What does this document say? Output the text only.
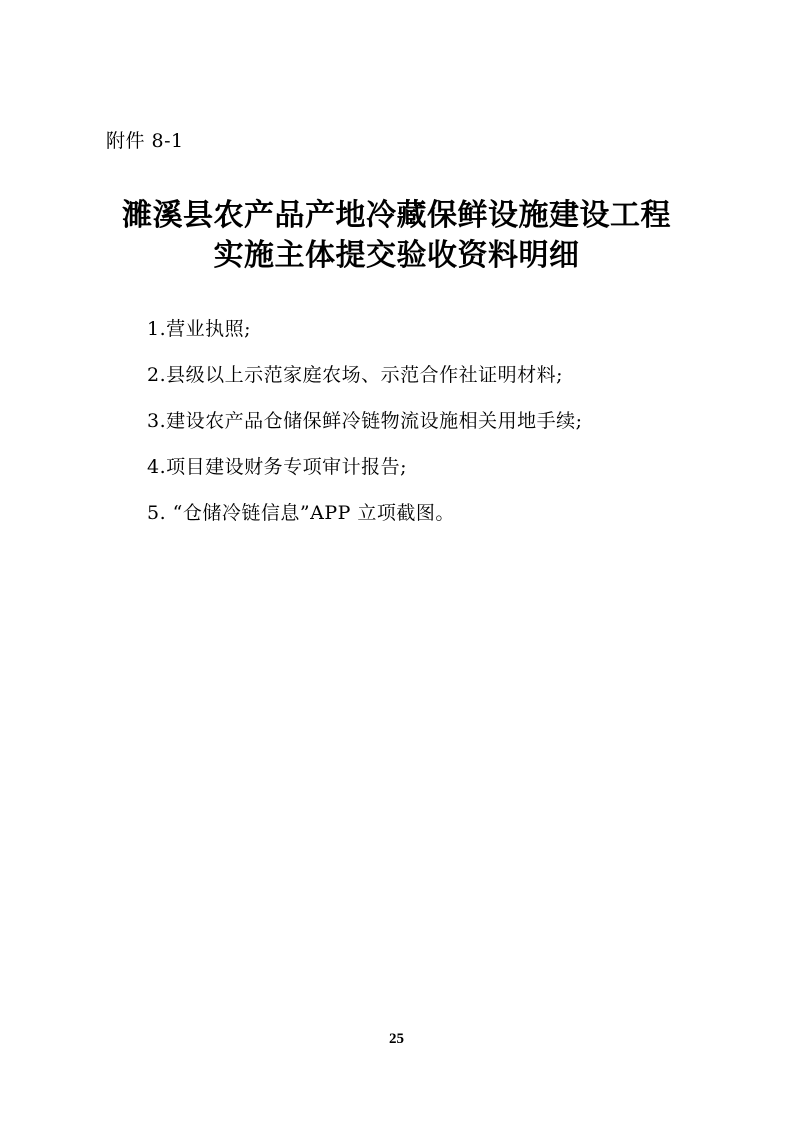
附件 8-1
濉溪县农产品产地冷藏保鲜设施建设工程
实施主体提交验收资料明细
1.营业执照;
2.县级以上示范家庭农场、示范合作社证明材料;
3.建设农产品仓储保鲜冷链物流设施相关用地手续;
4.项目建设财务专项审计报告;
5. “仓储冷链信息”APP 立项截图。
25
